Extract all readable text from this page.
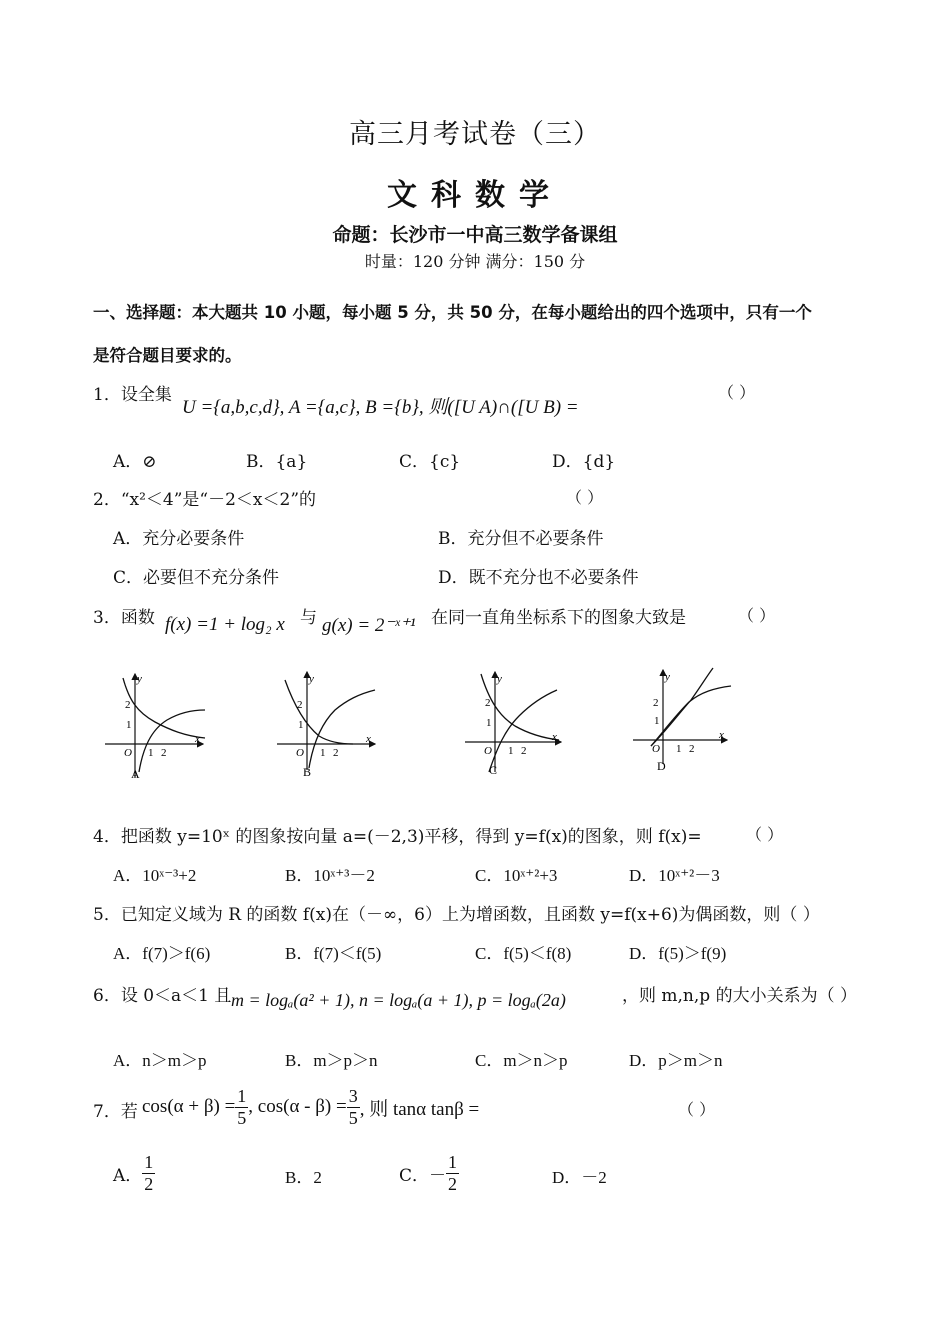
高三月考试卷（三）
文科数学
命题：长沙市一中高三数学备课组
时量：120 分钟 满分：150 分
一、选择题：本大题共 10 小题，每小题 5 分，共 50 分，在每小题给出的四个选项中，只有一个
是符合题目要求的。
1．设全集
U ={a,b,c,d}, A ={a,c}, B ={b}, 则([U A)∩([U B) =
（ ）
A．⊘	B．{a}	C．{c}	D．{d}
2．“x²＜4”是“－2＜x＜2”的	（ ）
A．充分必要条件	B．充分但不必要条件
C．必要但不充分条件	D．既不充分也不必要条件
3．函数 f(x) =1 + log₂ x 与 g(x) = 2⁻ˣ⁺¹ 在同一直角坐标系下的图象大致是	（ ）
y
x
O
2
1
1 2
A
y
x
O
2
1
1 2
B
y
x
O
2
1
1 2
C
y
x
O
2
1
1 2
D
4．把函数 y=10ˣ 的图象按向量 a=(－2,3)平移，得到 y=f(x)的图象，则 f(x)=	（ ）
A．10ˣ⁻³+2	B．10ˣ⁺³－2	C．10ˣ⁺²+3	D．10ˣ⁺²－3
5．已知定义域为 R 的函数 f(x)在（－∞，6）上为增函数，且函数 y=f(x+6)为偶函数，则（ ）
A．f(7)＞f(6)	B．f(7)＜f(5)	C．f(5)＜f(8)	D．f(5)＞f(9)
6．设 0＜a＜1 且 m = logₐ(a² + 1), n = logₐ(a + 1), p = logₐ(2a)	，则 m,n,p 的大小关系为（ ）
A．n＞m＞p	B．m＞p＞n	C．m＞n＞p	D．p＞m＞n
7．若 $\cos(\alpha + \beta) = \frac{1}{5}$ , $\cos(\alpha - \beta) = \frac{3}{5}$ , 则 tanα tanβ =	（ ）
A． $\frac{1}{2}$	B．2	C．－ $\frac{1}{2}$	D．－2
